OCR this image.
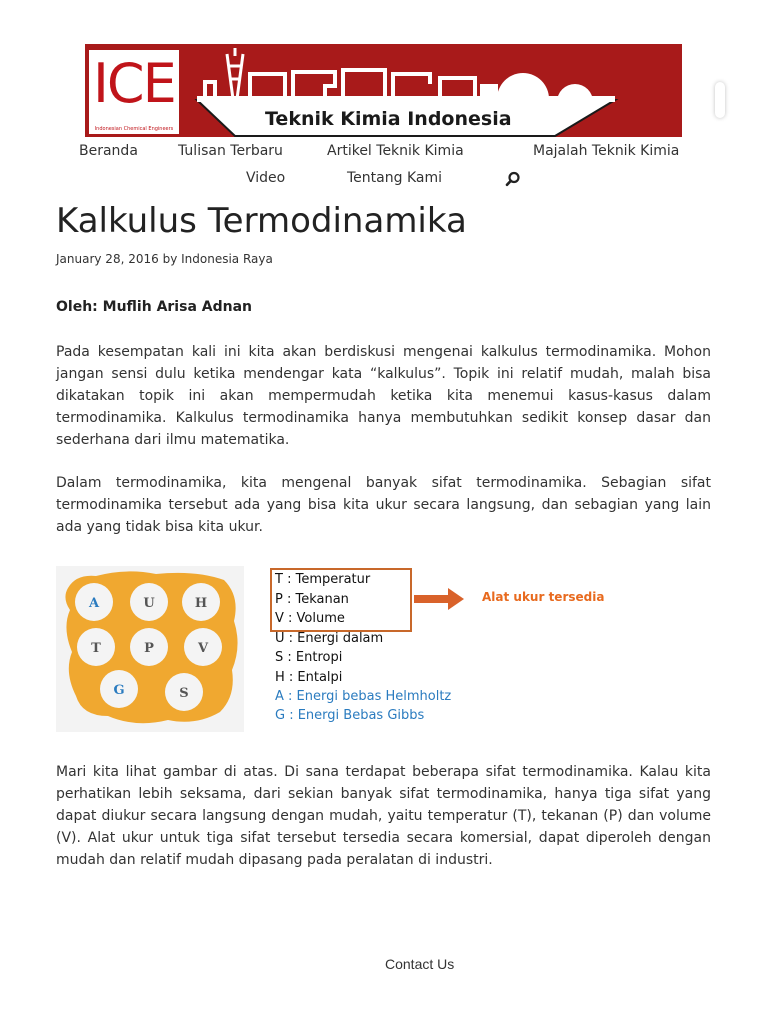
ICE
Indonesian Chemical Engineers	Teknik Kimia Indonesia
Beranda	Tulisan Terbaru	Artikel Teknik Kimia	Majalah Teknik Kimia
Video	Tentang Kami
Kalkulus Termodinamika
January 28, 2016 by Indonesia Raya
Oleh: Muflih Arisa Adnan

Pada kesempatan kali ini kita akan berdiskusi mengenai kalkulus termodinamika. Mohon jangan sensi dulu ketika mendengar kata “kalkulus”. Topik ini relatif mudah, malah bisa dikatakan topik ini akan mempermudah ketika kita menemui kasus-kasus dalam termodinamika. Kalkulus termodinamika hanya membutuhkan sedikit konsep dasar dan sederhana dari ilmu matematika.

Dalam termodinamika, kita mengenal banyak sifat termodinamika. Sebagian sifat termodinamika tersebut ada yang bisa kita ukur secara langsung, dan sebagian yang lain ada yang tidak bisa kita ukur.

A	U	H
T	P	V
G	S
T : Temperatur
P : Tekanan
V : Volume
U : Energi dalam
S : Entropi
H : Entalpi
A : Energi bebas Helmholtz
G : Energi Bebas Gibbs
Alat ukur tersedia

Mari kita lihat gambar di atas. Di sana terdapat beberapa sifat termodinamika. Kalau kita perhatikan lebih seksama, dari sekian banyak sifat termodinamika, hanya tiga sifat yang dapat diukur secara langsung dengan mudah, yaitu temperatur (T), tekanan (P) dan volume (V). Alat ukur untuk tiga sifat tersebut tersedia secara komersial, dapat diperoleh dengan mudah dan relatif mudah dipasang pada peralatan di industri.

Contact Us
